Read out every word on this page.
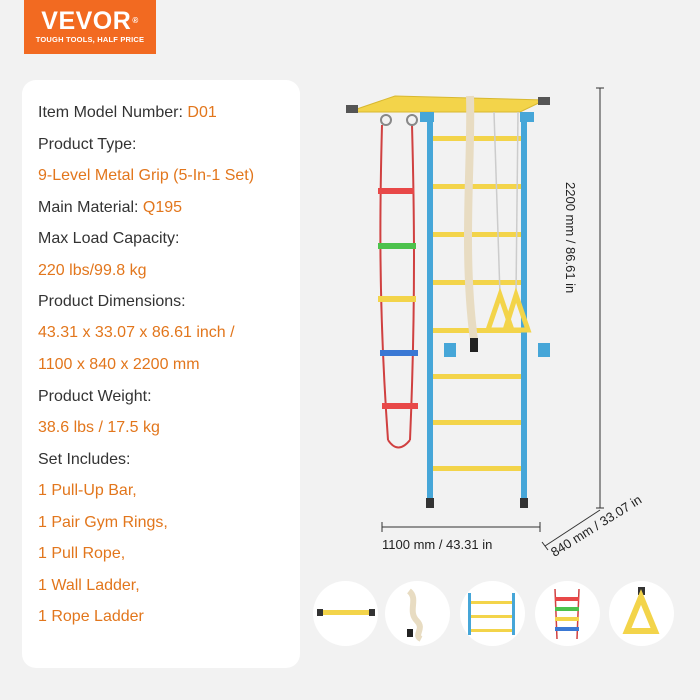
VEVOR®
TOUGH TOOLS, HALF PRICE
Item Model Number: D01
Product Type:
9-Level Metal Grip (5-In-1 Set)
Main Material: Q195
Max Load Capacity:
220 lbs/99.8 kg
Product Dimensions:
43.31 x 33.07 x 86.61 inch /
1100 x 840 x 2200 mm
Product Weight:
38.6 lbs / 17.5 kg
Set Includes:
1 Pull-Up Bar,
1 Pair Gym Rings,
1 Pull Rope,
1 Wall Ladder,
1 Rope Ladder
2200 mm / 86.61 in
1100 mm / 43.31 in	840 mm / 33.07 in
